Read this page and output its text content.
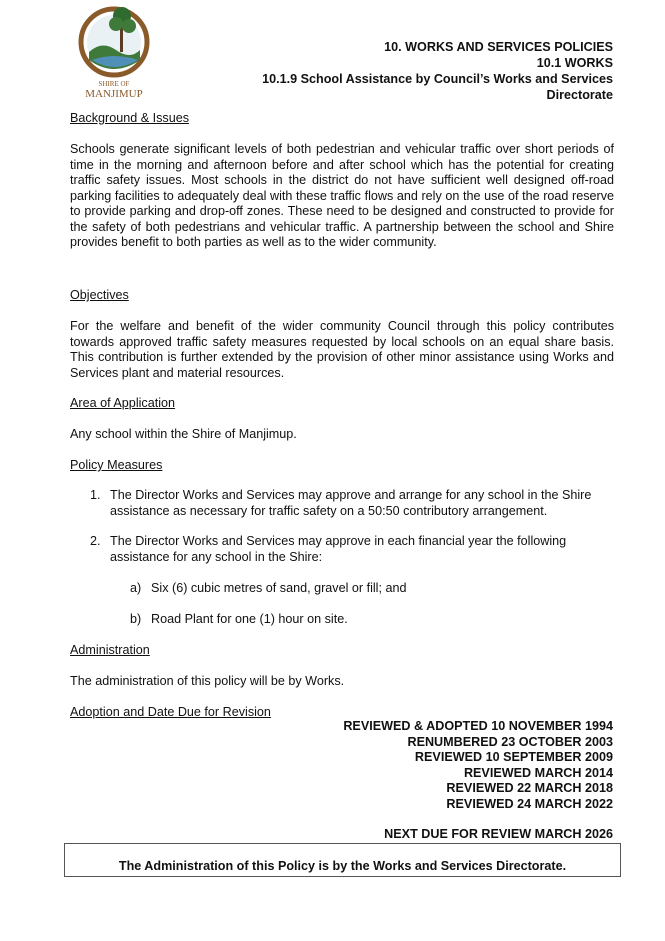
SHIRE OF
MANJIMUP
10. WORKS AND SERVICES POLICIES
10.1 WORKS
10.1.9 School Assistance by Council’s Works and Services
Directorate
Background & Issues
Schools generate significant levels of both pedestrian and vehicular traffic over short periods of time in the morning and afternoon before and after school which has the potential for creating traffic safety issues. Most schools in the district do not have sufficient well designed off-road parking facilities to adequately deal with these traffic flows and rely on the use of the road reserve to provide parking and drop-off zones. These need to be designed and constructed to provide for the safety of both pedestrians and vehicular traffic. A partnership between the school and Shire provides benefit to both parties as well as to the wider community.
Objectives
For the welfare and benefit of the wider community Council through this policy contributes towards approved traffic safety measures requested by local schools on an equal share basis. This contribution is further extended by the provision of other minor assistance using Works and Services plant and material resources.
Area of Application
Any school within the Shire of Manjimup.
Policy Measures
1. The Director Works and Services may approve and arrange for any school in the Shire assistance as necessary for traffic safety on a 50:50 contributory arrangement.
2. The Director Works and Services may approve in each financial year the following assistance for any school in the Shire:
a) Six (6) cubic metres of sand, gravel or fill; and
b) Road Plant for one (1) hour on site.
Administration
The administration of this policy will be by Works.
Adoption and Date Due for Revision
REVIEWED & ADOPTED 10 NOVEMBER 1994
RENUMBERED 23 OCTOBER 2003
REVIEWED 10 SEPTEMBER 2009
REVIEWED MARCH 2014
REVIEWED 22 MARCH 2018
REVIEWED 24 MARCH 2022
NEXT DUE FOR REVIEW MARCH 2026
The Administration of this Policy is by the Works and Services Directorate.
